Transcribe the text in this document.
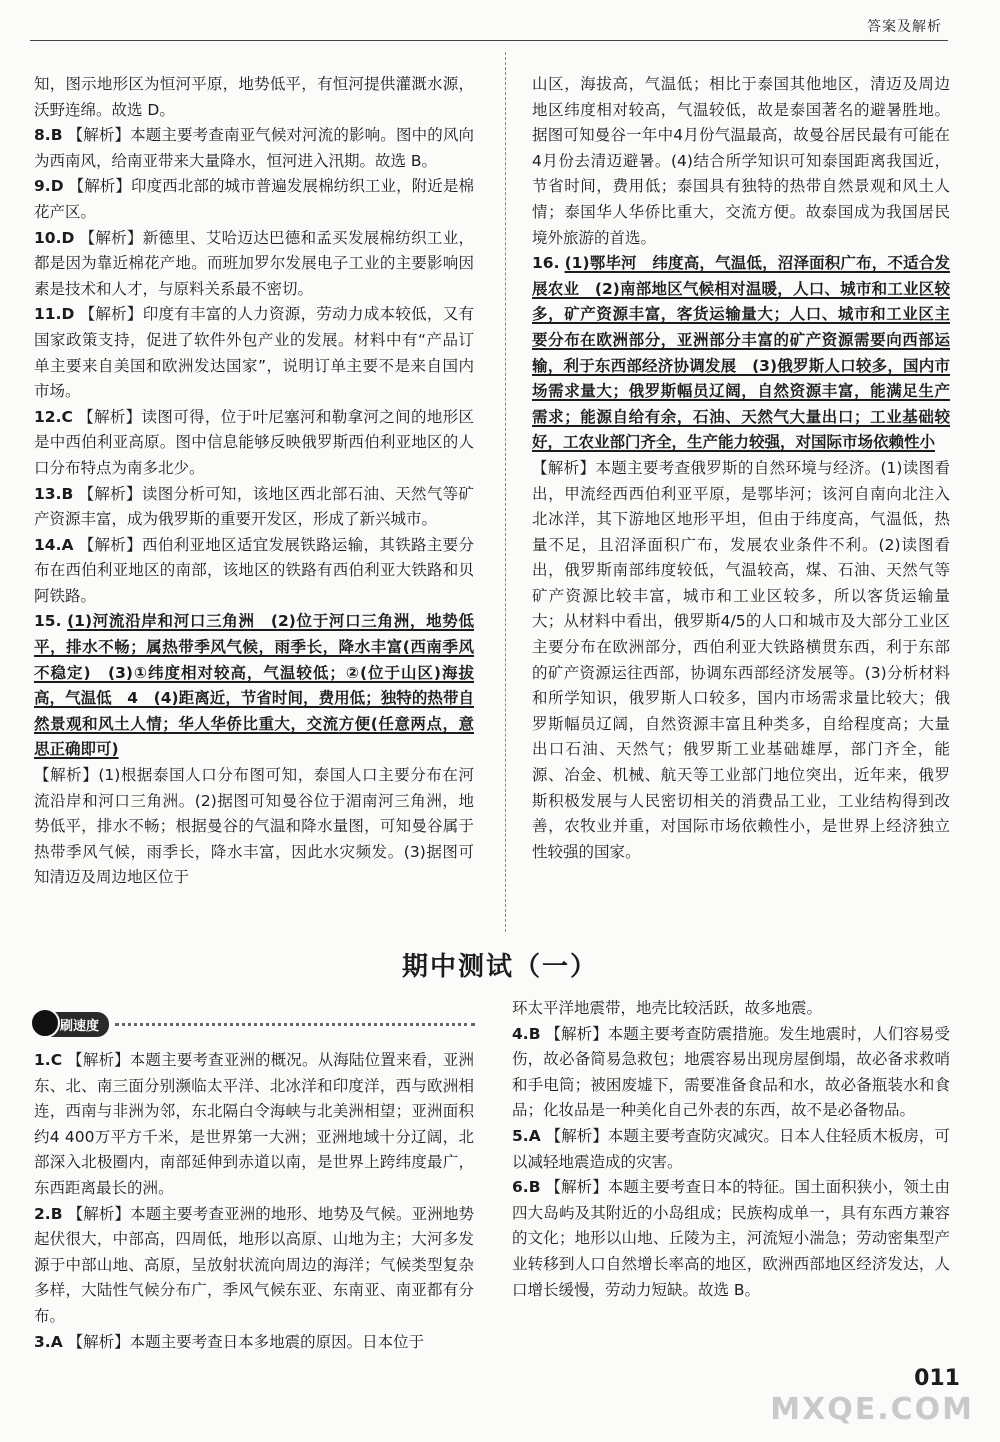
答案及解析

知，图示地形区为恒河平原，地势低平，有恒河提供灌溉水源，沃野连绵。故选 D。

8.B 【解析】本题主要考查南亚气候对河流的影响。图中的风向为西南风，给南亚带来大量降水，恒河进入汛期。故选 B。

9.D 【解析】印度西北部的城市普遍发展棉纺织工业，附近是棉花产区。

10.D 【解析】新德里、艾哈迈达巴德和孟买发展棉纺织工业，都是因为靠近棉花产地。而班加罗尔发展电子工业的主要影响因素是技术和人才，与原料关系最不密切。

11.D 【解析】印度有丰富的人力资源，劳动力成本较低，又有国家政策支持，促进了软件外包产业的发展。材料中有“产品订单主要来自美国和欧洲发达国家”，说明订单主要不是来自国内市场。

12.C 【解析】读图可得，位于叶尼塞河和勒拿河之间的地形区是中西伯利亚高原。图中信息能够反映俄罗斯西伯利亚地区的人口分布特点为南多北少。

13.B 【解析】读图分析可知，该地区西北部石油、天然气等矿产资源丰富，成为俄罗斯的重要开发区，形成了新兴城市。

14.A 【解析】西伯利亚地区适宜发展铁路运输，其铁路主要分布在西伯利亚地区的南部，该地区的铁路有西伯利亚大铁路和贝阿铁路。

15. (1)河流沿岸和河口三角洲　(2)位于河口三角洲，地势低平，排水不畅；属热带季风气候，雨季长，降水丰富(西南季风不稳定)　(3)①纬度相对较高，气温较低；②(位于山区)海拔高，气温低　4　(4)距离近，节省时间，费用低；独特的热带自然景观和风土人情；华人华侨比重大，交流方便(任意两点，意思正确即可)

【解析】(1)根据泰国人口分布图可知，泰国人口主要分布在河流沿岸和河口三角洲。(2)据图可知曼谷位于湄南河三角洲，地势低平，排水不畅；根据曼谷的气温和降水量图，可知曼谷属于热带季风气候，雨季长，降水丰富，因此水灾频发。(3)据图可知清迈及周边地区位于

山区，海拔高，气温低；相比于泰国其他地区，清迈及周边地区纬度相对较高，气温较低，故是泰国著名的避暑胜地。据图可知曼谷一年中4月份气温最高，故曼谷居民最有可能在4月份去清迈避暑。(4)结合所学知识可知泰国距离我国近，节省时间，费用低；泰国具有独特的热带自然景观和风土人情；泰国华人华侨比重大，交流方便。故泰国成为我国居民境外旅游的首选。

16. (1)鄂毕河　纬度高，气温低，沼泽面积广布，不适合发展农业　(2)南部地区气候相对温暖，人口、城市和工业区较多，矿产资源丰富，客货运输量大；人口、城市和工业区主要分布在欧洲部分，亚洲部分丰富的矿产资源需要向西部运输，利于东西部经济协调发展　(3)俄罗斯人口较多，国内市场需求量大；俄罗斯幅员辽阔，自然资源丰富，能满足生产需求；能源自给有余，石油、天然气大量出口；工业基础较好，工农业部门齐全，生产能力较强，对国际市场依赖性小

【解析】本题主要考查俄罗斯的自然环境与经济。(1)读图看出，甲流经西西伯利亚平原，是鄂毕河；该河自南向北注入北冰洋，其下游地区地形平坦，但由于纬度高，气温低，热量不足，且沼泽面积广布，发展农业条件不利。(2)读图看出，俄罗斯南部纬度较低，气温较高，煤、石油、天然气等矿产资源比较丰富，城市和工业区较多，所以客货运输量大；从材料中看出，俄罗斯4/5的人口和城市及大部分工业区主要分布在欧洲部分，西伯利亚大铁路横贯东西，利于东部的矿产资源运往西部，协调东西部经济发展等。(3)分析材料和所学知识，俄罗斯人口较多，国内市场需求量比较大；俄罗斯幅员辽阔，自然资源丰富且种类多，自给程度高；大量出口石油、天然气；俄罗斯工业基础雄厚，部门齐全，能源、冶金、机械、航天等工业部门地位突出，近年来，俄罗斯积极发展与人民密切相关的消费品工业，工业结构得到改善，农牧业并重，对国际市场依赖性小，是世界上经济独立性较强的国家。

期中测试（一）
刷速度

1.C 【解析】本题主要考查亚洲的概况。从海陆位置来看，亚洲东、北、南三面分别濒临太平洋、北冰洋和印度洋，西与欧洲相连，西南与非洲为邻，东北隔白令海峡与北美洲相望；亚洲面积约4 400万平方千米，是世界第一大洲；亚洲地域十分辽阔，北部深入北极圈内，南部延伸到赤道以南，是世界上跨纬度最广，东西距离最长的洲。

2.B 【解析】本题主要考查亚洲的地形、地势及气候。亚洲地势起伏很大，中部高，四周低，地形以高原、山地为主；大河多发源于中部山地、高原，呈放射状流向周边的海洋；气候类型复杂多样，大陆性气候分布广，季风气候东亚、东南亚、南亚都有分布。

3.A 【解析】本题主要考查日本多地震的原因。日本位于

环太平洋地震带，地壳比较活跃，故多地震。

4.B 【解析】本题主要考查防震措施。发生地震时，人们容易受伤，故必备简易急救包；地震容易出现房屋倒塌，故必备求救哨和手电筒；被困废墟下，需要准备食品和水，故必备瓶装水和食品；化妆品是一种美化自己外表的东西，故不是必备物品。

5.A 【解析】本题主要考查防灾减灾。日本人住轻质木板房，可以减轻地震造成的灾害。

6.B 【解析】本题主要考查日本的特征。国土面积狭小，领土由四大岛屿及其附近的小岛组成；民族构成单一，具有东西方兼容的文化；地形以山地、丘陵为主，河流短小湍急；劳动密集型产业转移到人口自然增长率高的地区，欧洲西部地区经济发达，人口增长缓慢，劳动力短缺。故选 B。

011
MXQE.COM
